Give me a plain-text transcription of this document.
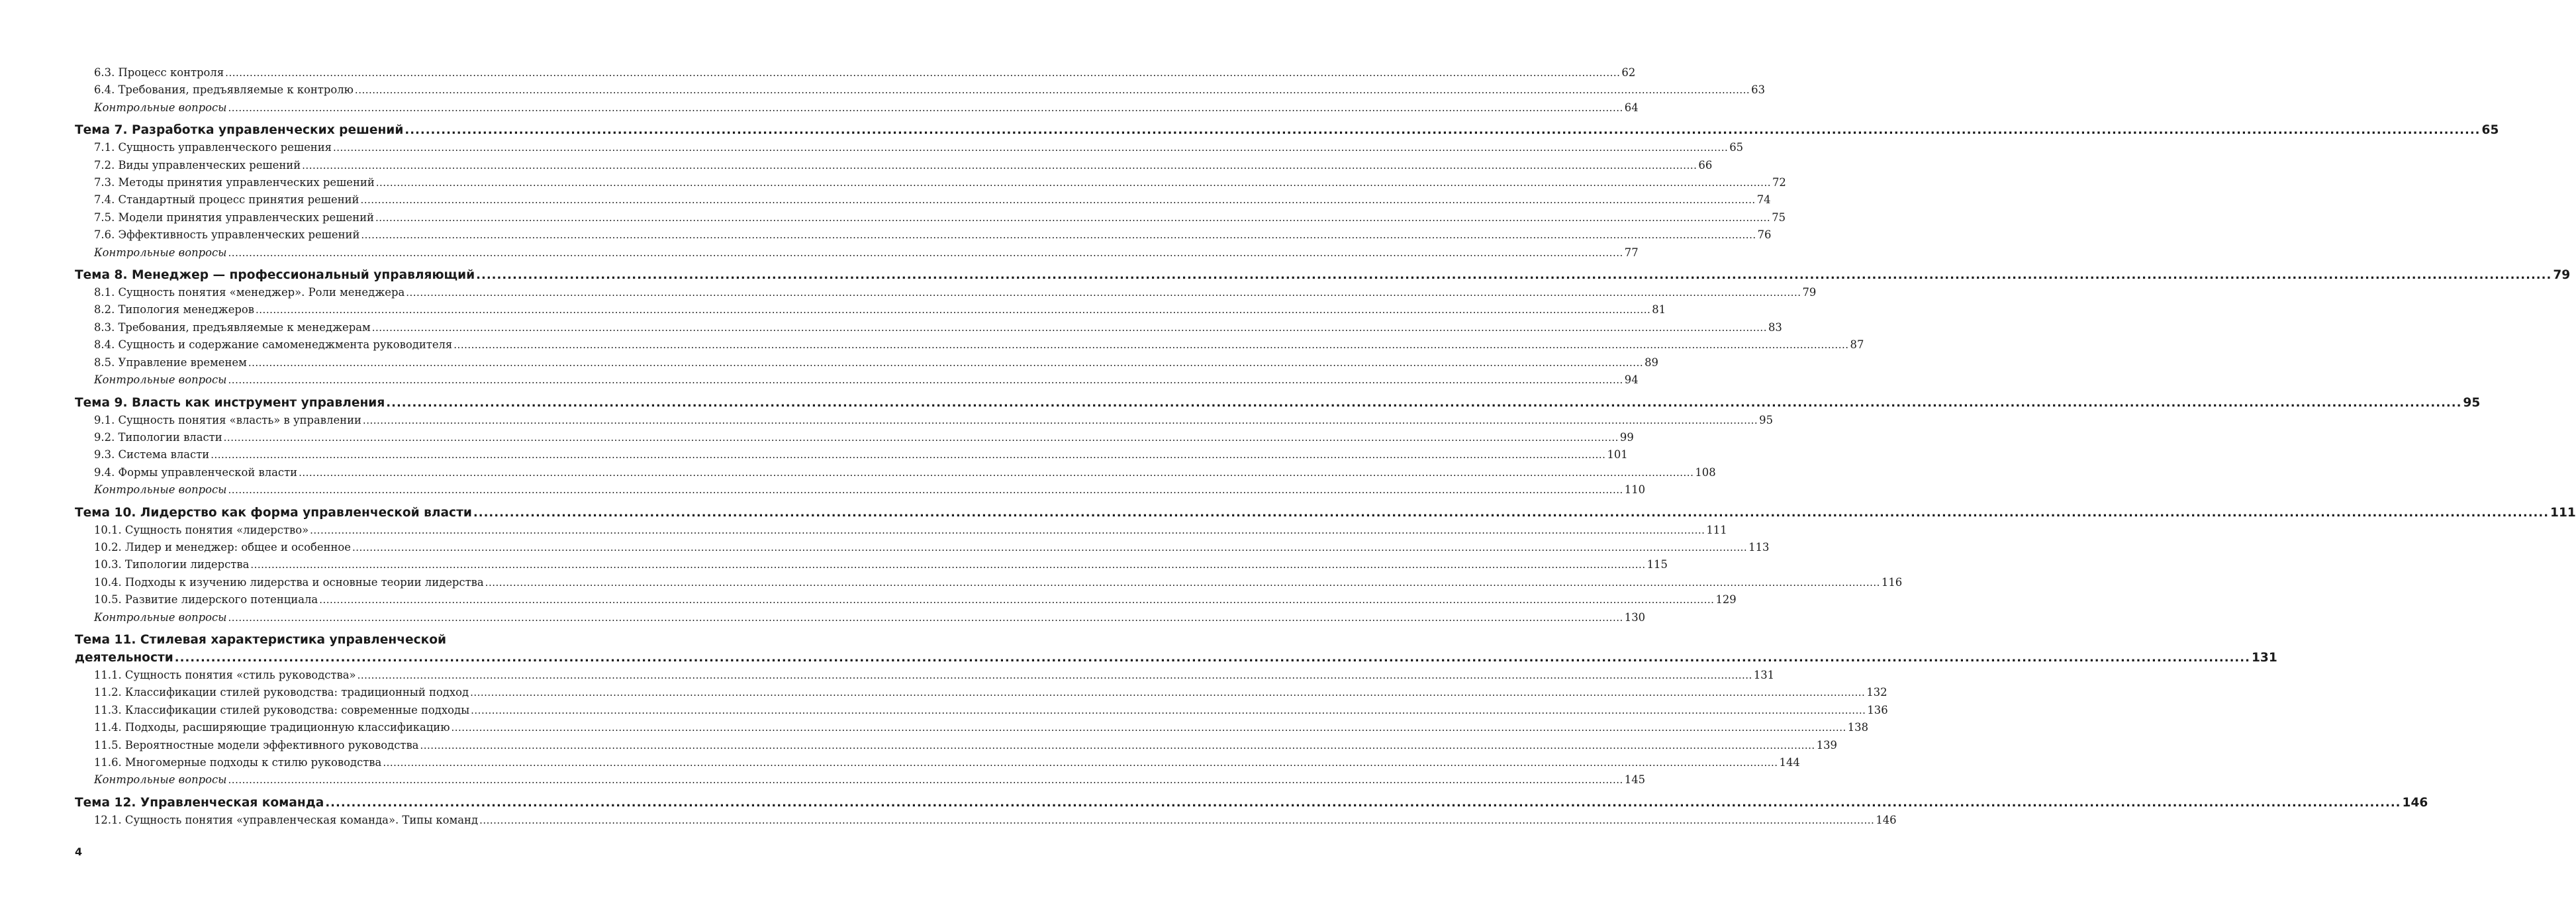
6.3. Процесс контроля ................................................................................................................................................................................................................................................................................................................................................................................................................ 62
6.4. Требования, предъявляемые к контролю ................................................................................................................................................................................................................................................................................................................................................................................................................ 63
Контрольные вопросы ................................................................................................................................................................................................................................................................................................................................................................................................................ 64
Тема 7. Разработка управленческих решений ................................................................................................................................................................................................................................................................................................................................................................................................................ 65
7.1. Сущность управленческого решения ................................................................................................................................................................................................................................................................................................................................................................................................................ 65
7.2. Виды управленческих решений ................................................................................................................................................................................................................................................................................................................................................................................................................ 66
7.3. Методы принятия управленческих решений ................................................................................................................................................................................................................................................................................................................................................................................................................ 72
7.4. Стандартный процесс принятия решений ................................................................................................................................................................................................................................................................................................................................................................................................................ 74
7.5. Модели принятия управленческих решений ................................................................................................................................................................................................................................................................................................................................................................................................................ 75
7.6. Эффективность управленческих решений ................................................................................................................................................................................................................................................................................................................................................................................................................ 76
Контрольные вопросы ................................................................................................................................................................................................................................................................................................................................................................................................................ 77
Тема 8. Менеджер — профессиональный управляющий ................................................................................................................................................................................................................................................................................................................................................................................................................ 79
8.1. Сущность понятия «менеджер». Роли менеджера ................................................................................................................................................................................................................................................................................................................................................................................................................ 79
8.2. Типология менеджеров ................................................................................................................................................................................................................................................................................................................................................................................................................ 81
8.3. Требования, предъявляемые к менеджерам ................................................................................................................................................................................................................................................................................................................................................................................................................ 83
8.4. Сущность и содержание самоменеджмента руководителя ................................................................................................................................................................................................................................................................................................................................................................................................................ 87
8.5. Управление временем ................................................................................................................................................................................................................................................................................................................................................................................................................ 89
Контрольные вопросы ................................................................................................................................................................................................................................................................................................................................................................................................................ 94
Тема 9. Власть как инструмент управления ................................................................................................................................................................................................................................................................................................................................................................................................................ 95
9.1. Сущность понятия «власть» в управлении ................................................................................................................................................................................................................................................................................................................................................................................................................ 95
9.2. Типологии власти ................................................................................................................................................................................................................................................................................................................................................................................................................ 99
9.3. Система власти ................................................................................................................................................................................................................................................................................................................................................................................................................ 101
9.4. Формы управленческой власти ................................................................................................................................................................................................................................................................................................................................................................................................................ 108
Контрольные вопросы ................................................................................................................................................................................................................................................................................................................................................................................................................ 110
Тема 10. Лидерство как форма управленческой власти ................................................................................................................................................................................................................................................................................................................................................................................................................ 111
10.1. Сущность понятия «лидерство» ................................................................................................................................................................................................................................................................................................................................................................................................................ 111
10.2. Лидер и менеджер: общее и особенное ................................................................................................................................................................................................................................................................................................................................................................................................................ 113
10.3. Типологии лидерства ................................................................................................................................................................................................................................................................................................................................................................................................................ 115
10.4. Подходы к изучению лидерства и основные теории лидерства ................................................................................................................................................................................................................................................................................................................................................................................................................ 116
10.5. Развитие лидерского потенциала ................................................................................................................................................................................................................................................................................................................................................................................................................ 129
Контрольные вопросы ................................................................................................................................................................................................................................................................................................................................................................................................................ 130
Тема 11. Стилевая характеристика управленческой
деятельности ................................................................................................................................................................................................................................................................................................................................................................................................................ 131
11.1. Сущность понятия «стиль руководства» ................................................................................................................................................................................................................................................................................................................................................................................................................ 131
11.2. Классификации стилей руководства: традиционный подход ................................................................................................................................................................................................................................................................................................................................................................................................................ 132
11.3. Классификации стилей руководства: современные подходы ................................................................................................................................................................................................................................................................................................................................................................................................................ 136
11.4. Подходы, расширяющие традиционную классификацию ................................................................................................................................................................................................................................................................................................................................................................................................................ 138
11.5. Вероятностные модели эффективного руководства ................................................................................................................................................................................................................................................................................................................................................................................................................ 139
11.6. Многомерные подходы к стилю руководства ................................................................................................................................................................................................................................................................................................................................................................................................................ 144
Контрольные вопросы ................................................................................................................................................................................................................................................................................................................................................................................................................ 145
Тема 12. Управленческая команда ................................................................................................................................................................................................................................................................................................................................................................................................................ 146
12.1. Сущность понятия «управленческая команда». Типы команд ................................................................................................................................................................................................................................................................................................................................................................................................................ 146
4
